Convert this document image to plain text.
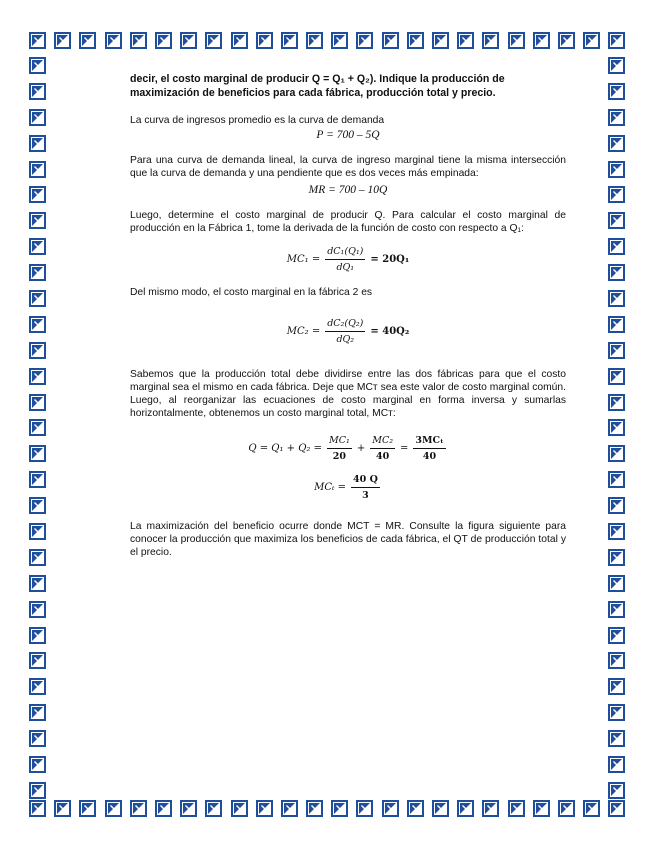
decir, el costo marginal de producir Q = Q₁ + Q₂). Indique la producción de
maximización de beneficios para cada fábrica, producción total y precio.

La curva de ingresos promedio es la curva de demanda

P = 700 – 5Q

Para una curva de demanda lineal, la curva de ingreso marginal tiene la misma intersección que la curva de demanda y una pendiente que es dos veces más empinada:

MR = 700 – 10Q

Luego, determine el costo marginal de producir Q. Para calcular el costo marginal de producción en la Fábrica 1, tome la derivada de la función de costo con respecto a Q₁:

$MC_1 = \frac{\text{dC₁(Q₁)}}{\text{dQ₁}} = 20Q_1$

Del mismo modo, el costo marginal en la fábrica 2 es

$MC_2 = \frac{\text{dC₂(Q₂)}}{\text{dQ₂}} = 40Q_2$

Sabemos que la producción total debe dividirse entre las dos fábricas para que el costo marginal sea el mismo en cada fábrica. Deje que MCᴛ sea este valor de costo marginal común. Luego, al reorganizar las ecuaciones de costo marginal en forma inversa y sumarlas horizontalmente, obtenemos un costo marginal total, MCᴛ:

$Q = Q_1 + Q_2 = \frac{\text{MC₁}}{20} + \frac{\text{MC₂}}{40} = \frac{\text{3MCₜ}}{40}$
$MC_t = \frac{40 Q}{3}$

La maximización del beneficio ocurre donde MCT = MR. Consulte la figura siguiente para conocer la producción que maximiza los beneficios de cada fábrica, el QT de producción total y el precio.
